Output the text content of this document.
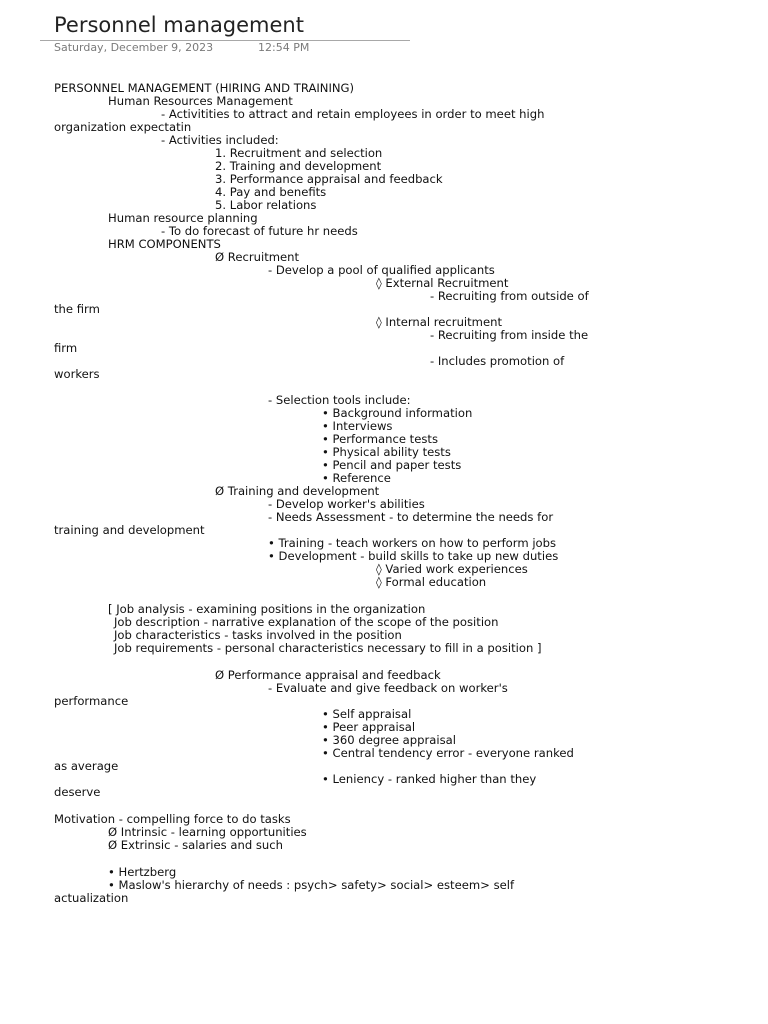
Personnel management
Saturday, December 9, 2023	12:54 PM
PERSONNEL MANAGEMENT (HIRING AND TRAINING)
Human Resources Management
- Activitities to attract and retain employees in order to meet high
organization expectatin
- Activities included:
1. Recruitment and selection
2. Training and development
3. Performance appraisal and feedback
4. Pay and benefits
5. Labor relations
Human resource planning
- To do forecast of future hr needs
HRM COMPONENTS
Ø Recruitment
- Develop a pool of qualified applicants
◊ External Recruitment
- Recruiting from outside of
the firm
◊ Internal recruitment
- Recruiting from inside the
firm
- Includes promotion of
workers
- Selection tools include:
• Background information
• Interviews
• Performance tests
• Physical ability tests
• Pencil and paper tests
• Reference
Ø Training and development
- Develop worker's abilities
- Needs Assessment - to determine the needs for
training and development
• Training - teach workers on how to perform jobs
• Development - build skills to take up new duties
◊ Varied work experiences
◊ Formal education
[ Job analysis - examining positions in the organization
Job description - narrative explanation of the scope of the position
Job characteristics - tasks involved in the position
Job requirements - personal characteristics necessary to fill in a position ]
Ø Performance appraisal and feedback
- Evaluate and give feedback on worker's
performance
• Self appraisal
• Peer appraisal
• 360 degree appraisal
• Central tendency error - everyone ranked
as average
• Leniency - ranked higher than they
deserve
Motivation - compelling force to do tasks
Ø Intrinsic - learning opportunities
Ø Extrinsic - salaries and such
• Hertzberg
• Maslow's hierarchy of needs : psych> safety> social> esteem> self
actualization
